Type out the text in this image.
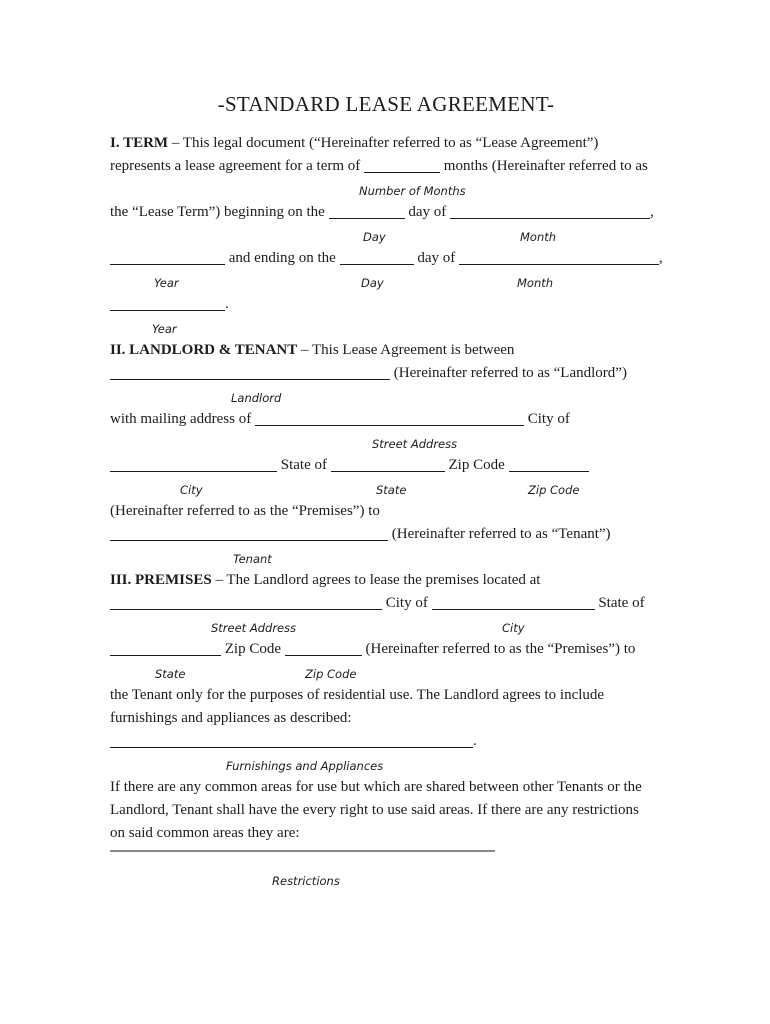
-STANDARD LEASE AGREEMENT-
I. TERM – This legal document (“Hereinafter referred to as “Lease Agreement”)
represents a lease agreement for a term of	months (Hereinafter referred to as
Number of Months
the “Lease Term”) beginning on the	day of	,
Day	Month
and ending on the	day of	,
Year	Day	Month
.
Year
II. LANDLORD & TENANT – This Lease Agreement is between
(Hereinafter referred to as “Landlord”)
Landlord
with mailing address of	City of
Street Address
State of	Zip Code
City	State	Zip Code
(Hereinafter referred to as the “Premises”) to
(Hereinafter referred to as “Tenant”)
Tenant
III. PREMISES – The Landlord agrees to lease the premises located at
City of	State of
Street Address	City
Zip Code	(Hereinafter referred to as the “Premises”) to
State	Zip Code
the Tenant only for the purposes of residential use. The Landlord agrees to include
furnishings and appliances as described:
.
Furnishings and Appliances
If there are any common areas for use but which are shared between other Tenants or the
Landlord, Tenant shall have the every right to use said areas. If there are any restrictions
on said common areas they are:
Restrictions
